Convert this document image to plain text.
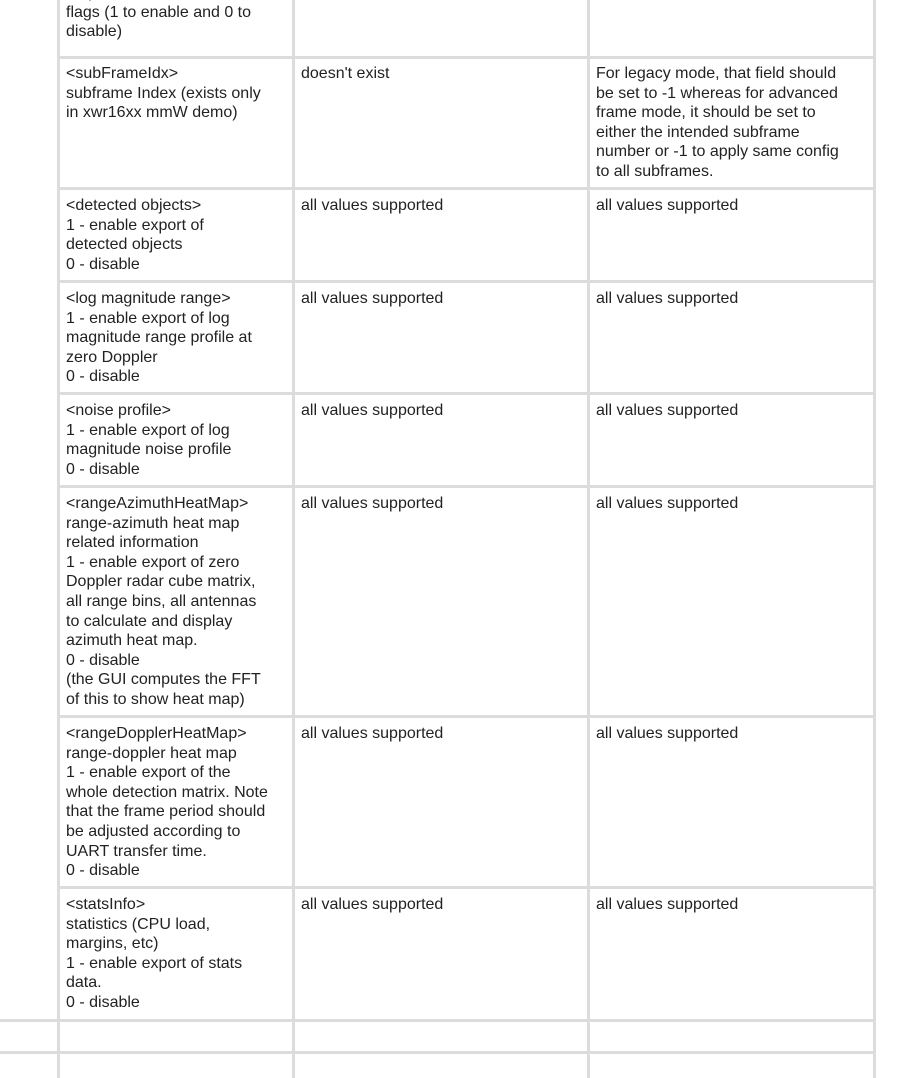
flags (1 to enable and 0 to
disable)
<subFrameIdx>
subframe Index (exists only
in xwr16xx mmW demo)
doesn't exist	For legacy mode, that field should
be set to -1 whereas for advanced
frame mode, it should be set to
either the intended subframe
number or -1 to apply same config
to all subframes.
<detected objects>
1 - enable export of
detected objects
0 - disable
all values supported	all values supported
<log magnitude range>
1 - enable export of log
magnitude range profile at
zero Doppler
0 - disable
all values supported	all values supported
<noise profile>
1 - enable export of log
magnitude noise profile
0 - disable
all values supported	all values supported
<rangeAzimuthHeatMap>
range-azimuth heat map
related information
1 - enable export of zero
Doppler radar cube matrix,
all range bins, all antennas
to calculate and display
azimuth heat map.
0 - disable
(the GUI computes the FFT
of this to show heat map)
all values supported	all values supported
<rangeDopplerHeatMap>
range-doppler heat map
1 - enable export of the
whole detection matrix. Note
that the frame period should
be adjusted according to
UART transfer time.
0 - disable
all values supported	all values supported
<statsInfo>
statistics (CPU load,
margins, etc)
1 - enable export of stats
data.
0 - disable
all values supported	all values supported
